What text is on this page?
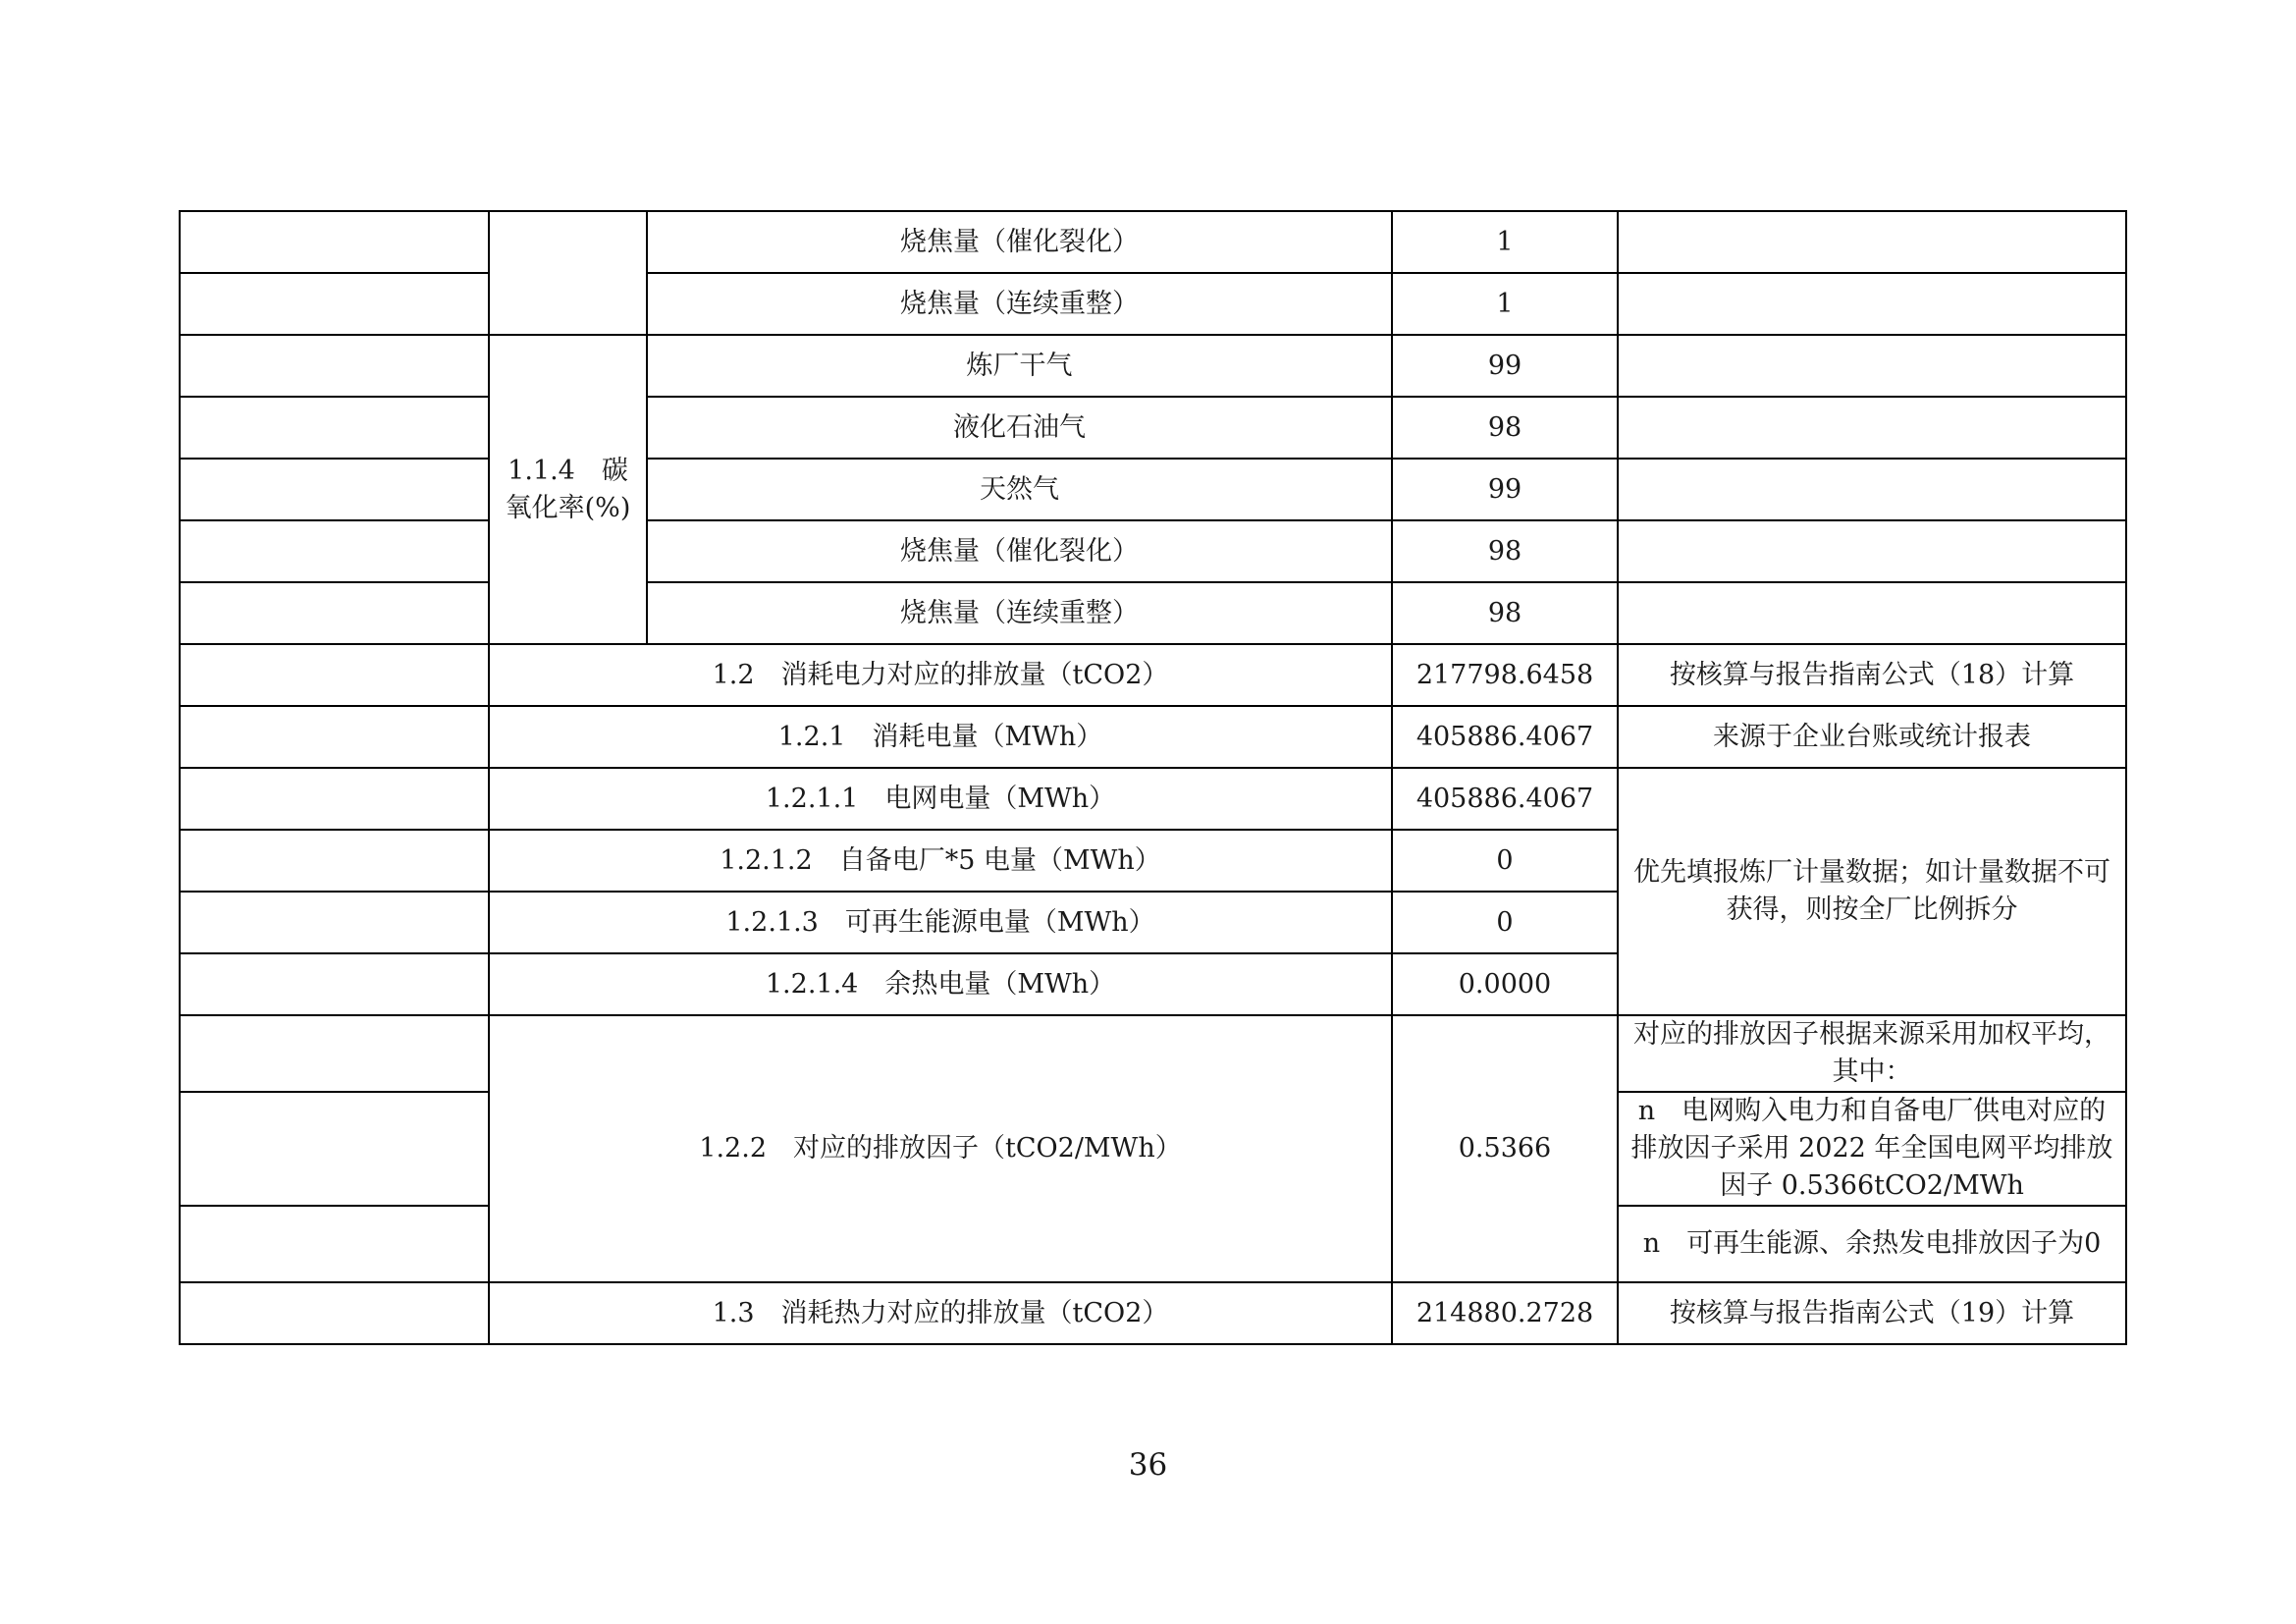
		烧焦量（催化裂化）	1	
		烧焦量（连续重整）	1	
	1.1.4　碳氧化率(%)	炼厂干气	99	
		液化石油气	98	
		天然气	99	
		烧焦量（催化裂化）	98	
		烧焦量（连续重整）	98	
	1.2　消耗电力对应的排放量（tCO2）		217798.6458	按核算与报告指南公式（18）计算
	1.2.1　消耗电量（MWh）		405886.4067	来源于企业台账或统计报表
	1.2.1.1　电网电量（MWh）		405886.4067	优先填报炼厂计量数据；如计量数据不可获得，则按全厂比例拆分
	1.2.1.2　自备电厂*5 电量（MWh）		0	
	1.2.1.3　可再生能源电量（MWh）		0	
	1.2.1.4　余热电量（MWh）		0.0000	
	1.2.2　对应的排放因子（tCO2/MWh）		0.5366	对应的排放因子根据来源采用加权平均，其中：
				n　电网购入电力和自备电厂供电对应的排放因子采用 2022 年全国电网平均排放因子 0.5366tCO2/MWh
				n　可再生能源、余热发电排放因子为0
	1.3　消耗热力对应的排放量（tCO2）		214880.2728	按核算与报告指南公式（19）计算
36
